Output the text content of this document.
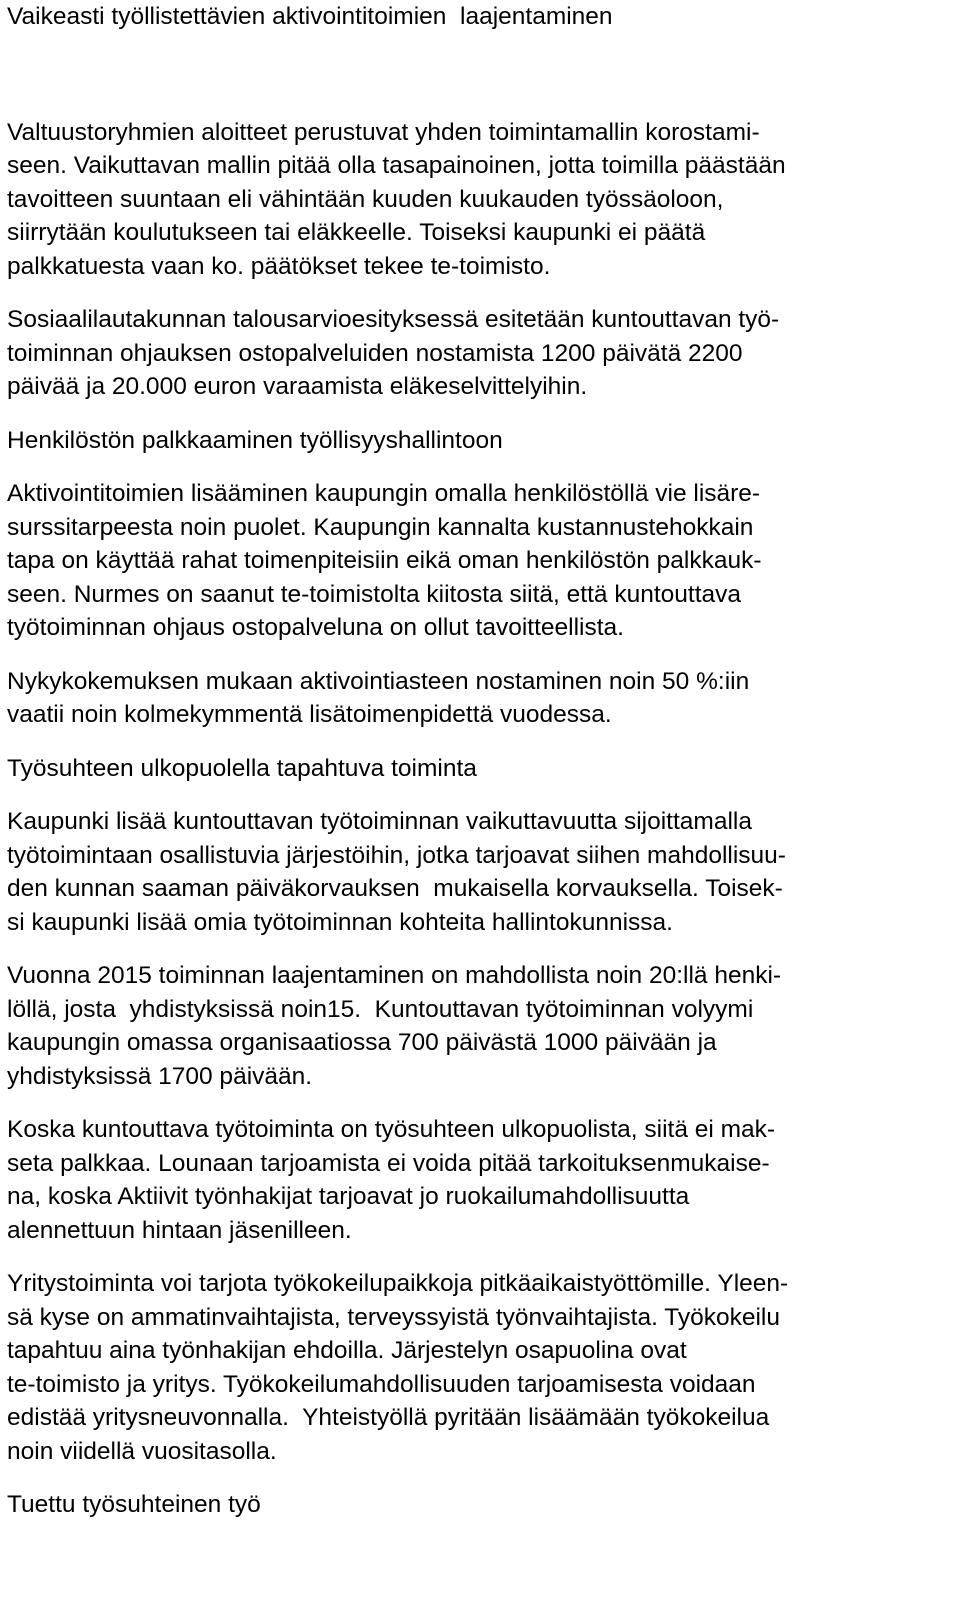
Vaikeasti työllistettävien aktivointitoimien  laajentaminen
Valtuustoryhmien aloitteet perustuvat yhden toimintamallin korostami-
seen. Vaikuttavan mallin pitää olla tasapainoinen, jotta toimilla päästään
tavoitteen suuntaan eli vähintään kuuden kuukauden työssäoloon,
siirrytään koulutukseen tai eläkkeelle. Toiseksi kaupunki ei päätä
palkkatuesta vaan ko. päätökset tekee te-toimisto.
Sosiaalilautakunnan talousarvioesityksessä esitetään kuntouttavan työ-
toiminnan ohjauksen ostopalveluiden nostamista 1200 päivätä 2200
päivää ja 20.000 euron varaamista eläkeselvittelyihin.
Henkilöstön palkkaaminen työllisyyshallintoon
Aktivointitoimien lisääminen kaupungin omalla henkilöstöllä vie lisäre-
surssitarpeesta noin puolet. Kaupungin kannalta kustannustehokkain
tapa on käyttää rahat toimenpiteisiin eikä oman henkilöstön palkkauk-
seen. Nurmes on saanut te-toimistolta kiitosta siitä, että kuntouttava
työtoiminnan ohjaus ostopalveluna on ollut tavoitteellista.
Nykykokemuksen mukaan aktivointiasteen nostaminen noin 50 %:iin
vaatii noin kolmekymmentä lisätoimenpidettä vuodessa.
Työsuhteen ulkopuolella tapahtuva toiminta
Kaupunki lisää kuntouttavan työtoiminnan vaikuttavuutta sijoittamalla
työtoimintaan osallistuvia järjestöihin, jotka tarjoavat siihen mahdollisuu-
den kunnan saaman päiväkorvauksen  mukaisella korvauksella. Toisek-
si kaupunki lisää omia työtoiminnan kohteita hallintokunnissa.
Vuonna 2015 toiminnan laajentaminen on mahdollista noin 20:llä henki-
löllä, josta  yhdistyksissä noin15.  Kuntouttavan työtoiminnan volyymi
kaupungin omassa organisaatiossa 700 päivästä 1000 päivään ja
yhdistyksissä 1700 päivään.
Koska kuntouttava työtoiminta on työsuhteen ulkopuolista, siitä ei mak-
seta palkkaa. Lounaan tarjoamista ei voida pitää tarkoituksenmukaise-
na, koska Aktiivit työnhakijat tarjoavat jo ruokailumahdollisuutta
alennettuun hintaan jäsenilleen.
Yritystoiminta voi tarjota työkokeilupaikkoja pitkäaikaistyöttömille. Yleen-
sä kyse on ammatinvaihtajista, terveyssyistä työnvaihtajista. Työkokeilu
tapahtuu aina työnhakijan ehdoilla. Järjestelyn osapuolina ovat
te-toimisto ja yritys. Työkokeilumahdollisuuden tarjoamisesta voidaan
edistää yritysneuvonnalla.  Yhteistyöllä pyritään lisäämään työkokeilua
noin viidellä vuositasolla.
Tuettu työsuhteinen työ
